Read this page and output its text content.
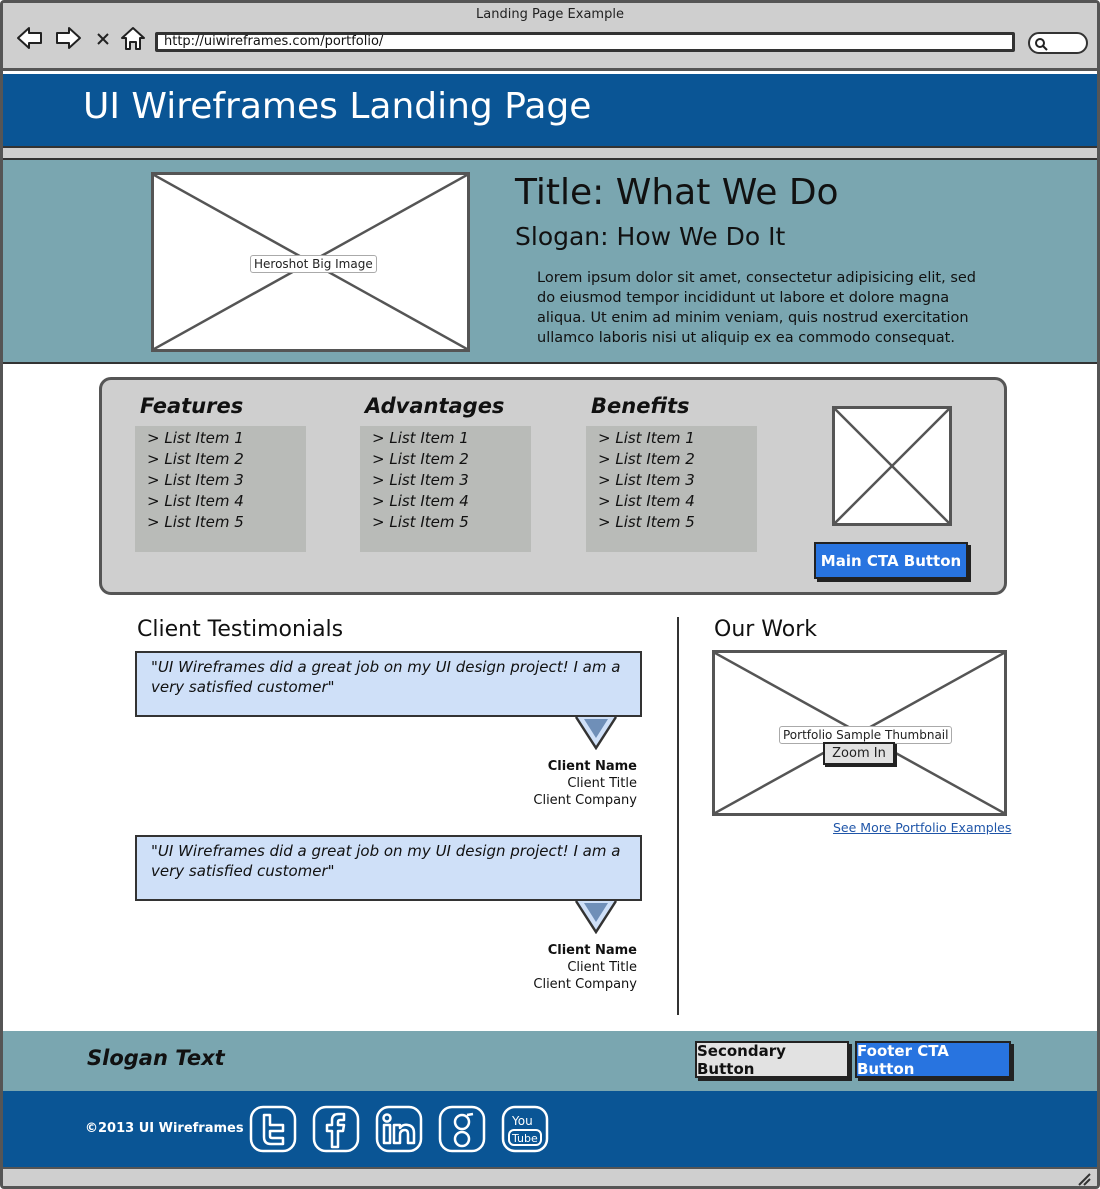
Landing Page Example
http://uiwireframes.com/portfolio/
UI Wireframes Landing Page
Heroshot Big Image
Title: What We Do
Slogan: How We Do It
Lorem ipsum dolor sit amet, consectetur adipisicing elit, sed do eiusmod tempor incididunt ut labore et dolore magna aliqua. Ut enim ad minim veniam, quis nostrud exercitation ullamco laboris nisi ut aliquip ex ea commodo consequat.
Features
> List Item 1
> List Item 2
> List Item 3
> List Item 4
> List Item 5
Advantages
> List Item 1
> List Item 2
> List Item 3
> List Item 4
> List Item 5
Benefits
> List Item 1
> List Item 2
> List Item 3
> List Item 4
> List Item 5
Main CTA Button
Client Testimonials
"UI Wireframes did a great job on my UI design project! I am a very satisfied customer"
Client Name
Client Title
Client Company
"UI Wireframes did a great job on my UI design project! I am a very satisfied customer"
Client Name
Client Title
Client Company
Our Work
Portfolio Sample Thumbnail
Zoom In
See More Portfolio Examples
Slogan Text	Secondary Button
Footer CTA Button
©2013 UI Wireframes	You
Tube
